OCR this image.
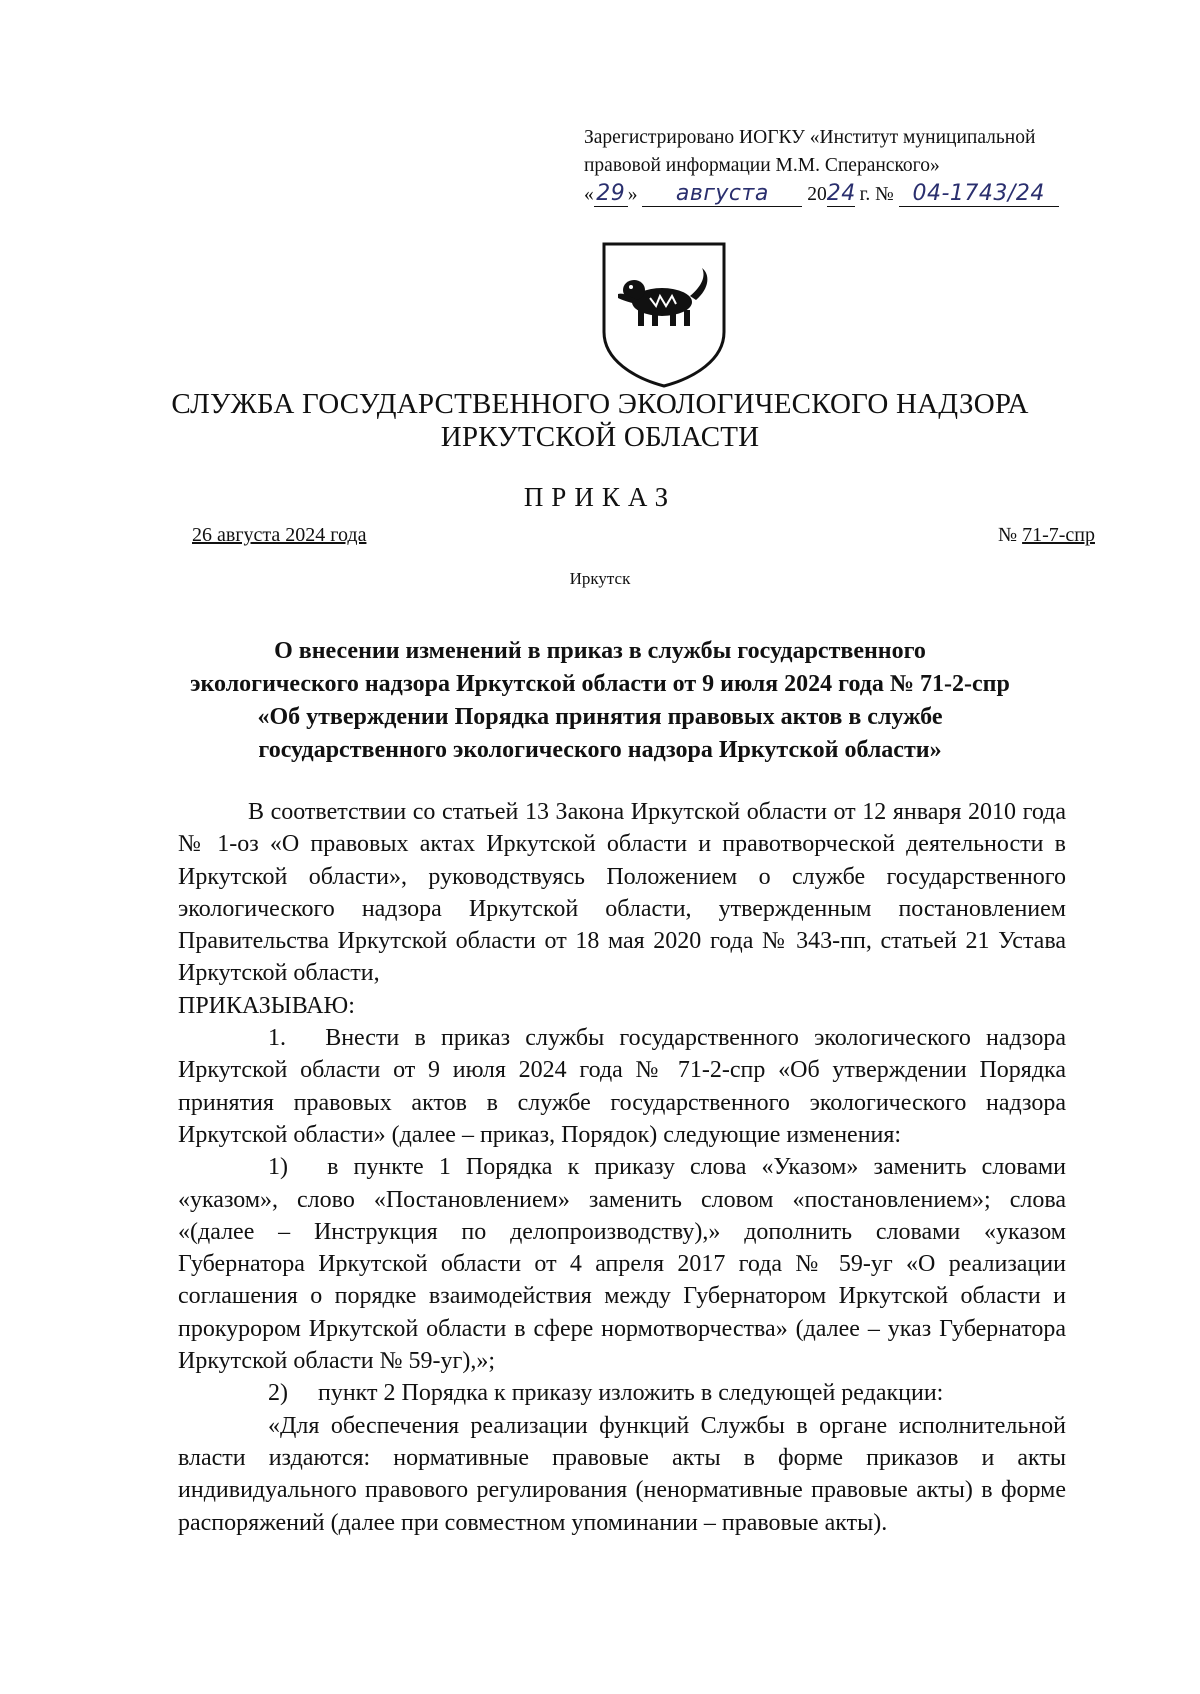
Зарегистрировано ИОГКУ «Институт муниципальной
правовой информации М.М. Сперанского»
« 29 » августа 2024 г. № 04-1743/24
СЛУЖБА ГОСУДАРСТВЕННОГО ЭКОЛОГИЧЕСКОГО НАДЗОРА
ИРКУТСКОЙ ОБЛАСТИ
ПРИКАЗ
26 августа 2024 года	№ 71-7-спр
Иркутск
О внесении изменений в приказ в службы государственного
экологического надзора Иркутской области от 9 июля 2024 года № 71-2-спр
«Об утверждении Порядка принятия правовых актов в службе
государственного экологического надзора Иркутской области»

В соответствии со статьей 13 Закона Иркутской области от 12 января 2010 года № 1-оз «О правовых актах Иркутской области и правотворческой деятельности в Иркутской области», руководствуясь Положением о службе государственного экологического надзора Иркутской области, утвержденным постановлением Правительства Иркутской области от 18 мая 2020 года № 343-пп, статьей 21 Устава Иркутской области,

ПРИКАЗЫВАЮ:

1.  Внести в приказ службы государственного экологического надзора Иркутской области от 9 июля 2024 года № 71-2-спр «Об утверждении Порядка принятия правовых актов в службе государственного экологического надзора Иркутской области» (далее – приказ, Порядок) следующие изменения:

1)  в пункте 1 Порядка к приказу слова «Указом» заменить словами «указом», слово «Постановлением» заменить словом «постановлением»; слова «(далее – Инструкция по делопроизводству),» дополнить словами «указом Губернатора Иркутской области от 4 апреля 2017 года № 59-уг «О реализации соглашения о порядке взаимодействия между Губернатором Иркутской области и прокурором Иркутской области в сфере нормотворчества» (далее – указ Губернатора Иркутской области № 59-уг),»;

2)  пункт 2 Порядка к приказу изложить в следующей редакции:

«Для обеспечения реализации функций Службы в органе исполнительной власти издаются: нормативные правовые акты в форме приказов и акты индивидуального правового регулирования (ненормативные правовые акты) в форме распоряжений (далее при совместном упоминании – правовые акты).
